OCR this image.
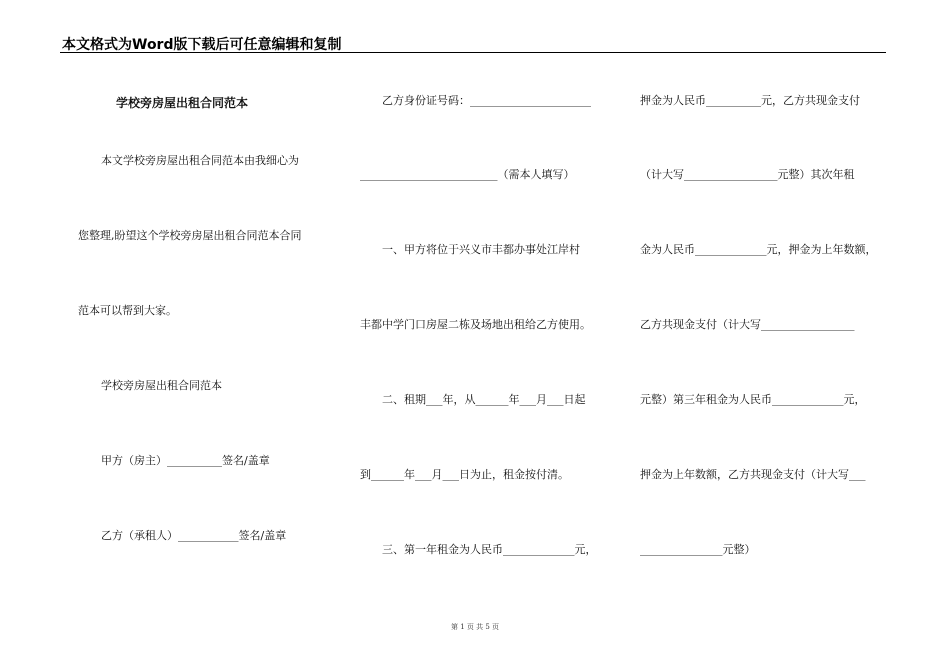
本文格式为Word版下载后可任意编辑和复制
学校旁房屋出租合同范本
本文学校旁房屋出租合同范本由我细心为
您整理,盼望这个学校旁房屋出租合同范本合同
范本可以帮到大家。
学校旁房屋出租合同范本
甲方（房主）__________签名/盖章
乙方（承租人）___________签名/盖章
乙方身份证号码：______________________
_________________________（需本人填写）
一、甲方将位于兴义市丰都办事处江岸村
丰都中学门口房屋二栋及场地出租给乙方使用。
二、租期___年，从______年___月___日起
到______年___月___日为止，租金按付清。
三、第一年租金为人民币_____________元，
押金为人民币__________元，乙方共现金支付
（计大写_________________元整）其次年租
金为人民币_____________元，押金为上年数额，
乙方共现金支付（计大写_________________
元整）第三年租金为人民币_____________元，
押金为上年数额，乙方共现金支付（计大写___
_______________元整）
第 1 页 共 5 页
